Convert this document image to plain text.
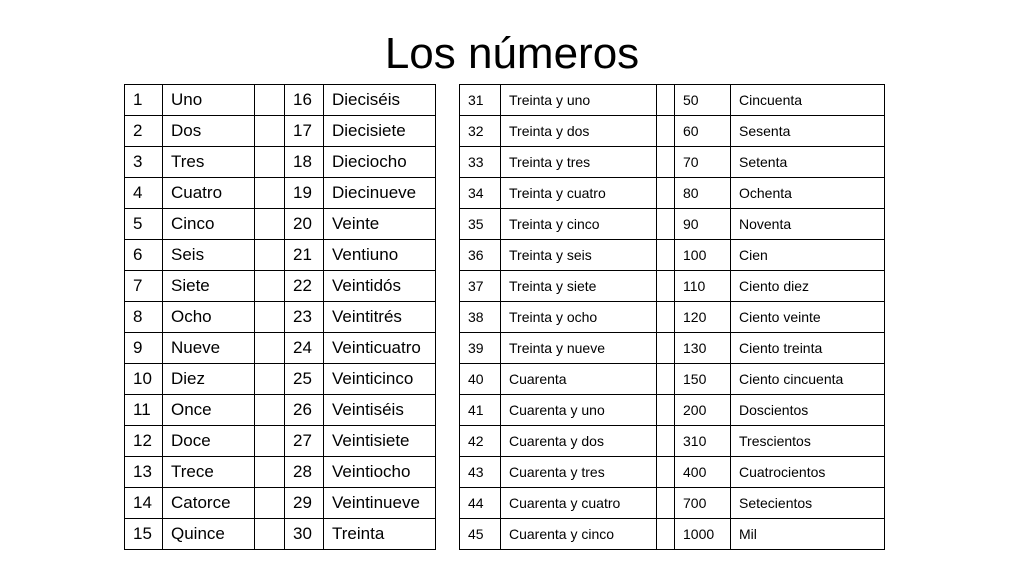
Los números
1	Uno		16	Dieciséis
2	Dos		17	Diecisiete
3	Tres		18	Dieciocho
4	Cuatro		19	Diecinueve
5	Cinco		20	Veinte
6	Seis		21	Ventiuno
7	Siete		22	Veintidós
8	Ocho		23	Veintitrés
9	Nueve		24	Veinticuatro
10	Diez		25	Veinticinco
11	Once		26	Veintiséis
12	Doce		27	Veintisiete
13	Trece		28	Veintiocho
14	Catorce		29	Veintinueve
15	Quince		30	Treinta
31	Treinta y uno		50	Cincuenta
32	Treinta y dos		60	Sesenta
33	Treinta y tres		70	Setenta
34	Treinta y cuatro		80	Ochenta
35	Treinta y cinco		90	Noventa
36	Treinta y seis		100	Cien
37	Treinta y siete		110	Ciento diez
38	Treinta y ocho		120	Ciento veinte
39	Treinta y nueve		130	Ciento treinta
40	Cuarenta		150	Ciento cincuenta
41	Cuarenta y uno		200	Doscientos
42	Cuarenta y dos		310	Trescientos
43	Cuarenta y tres		400	Cuatrocientos
44	Cuarenta y cuatro		700	Setecientos
45	Cuarenta y cinco		1000	Mil
